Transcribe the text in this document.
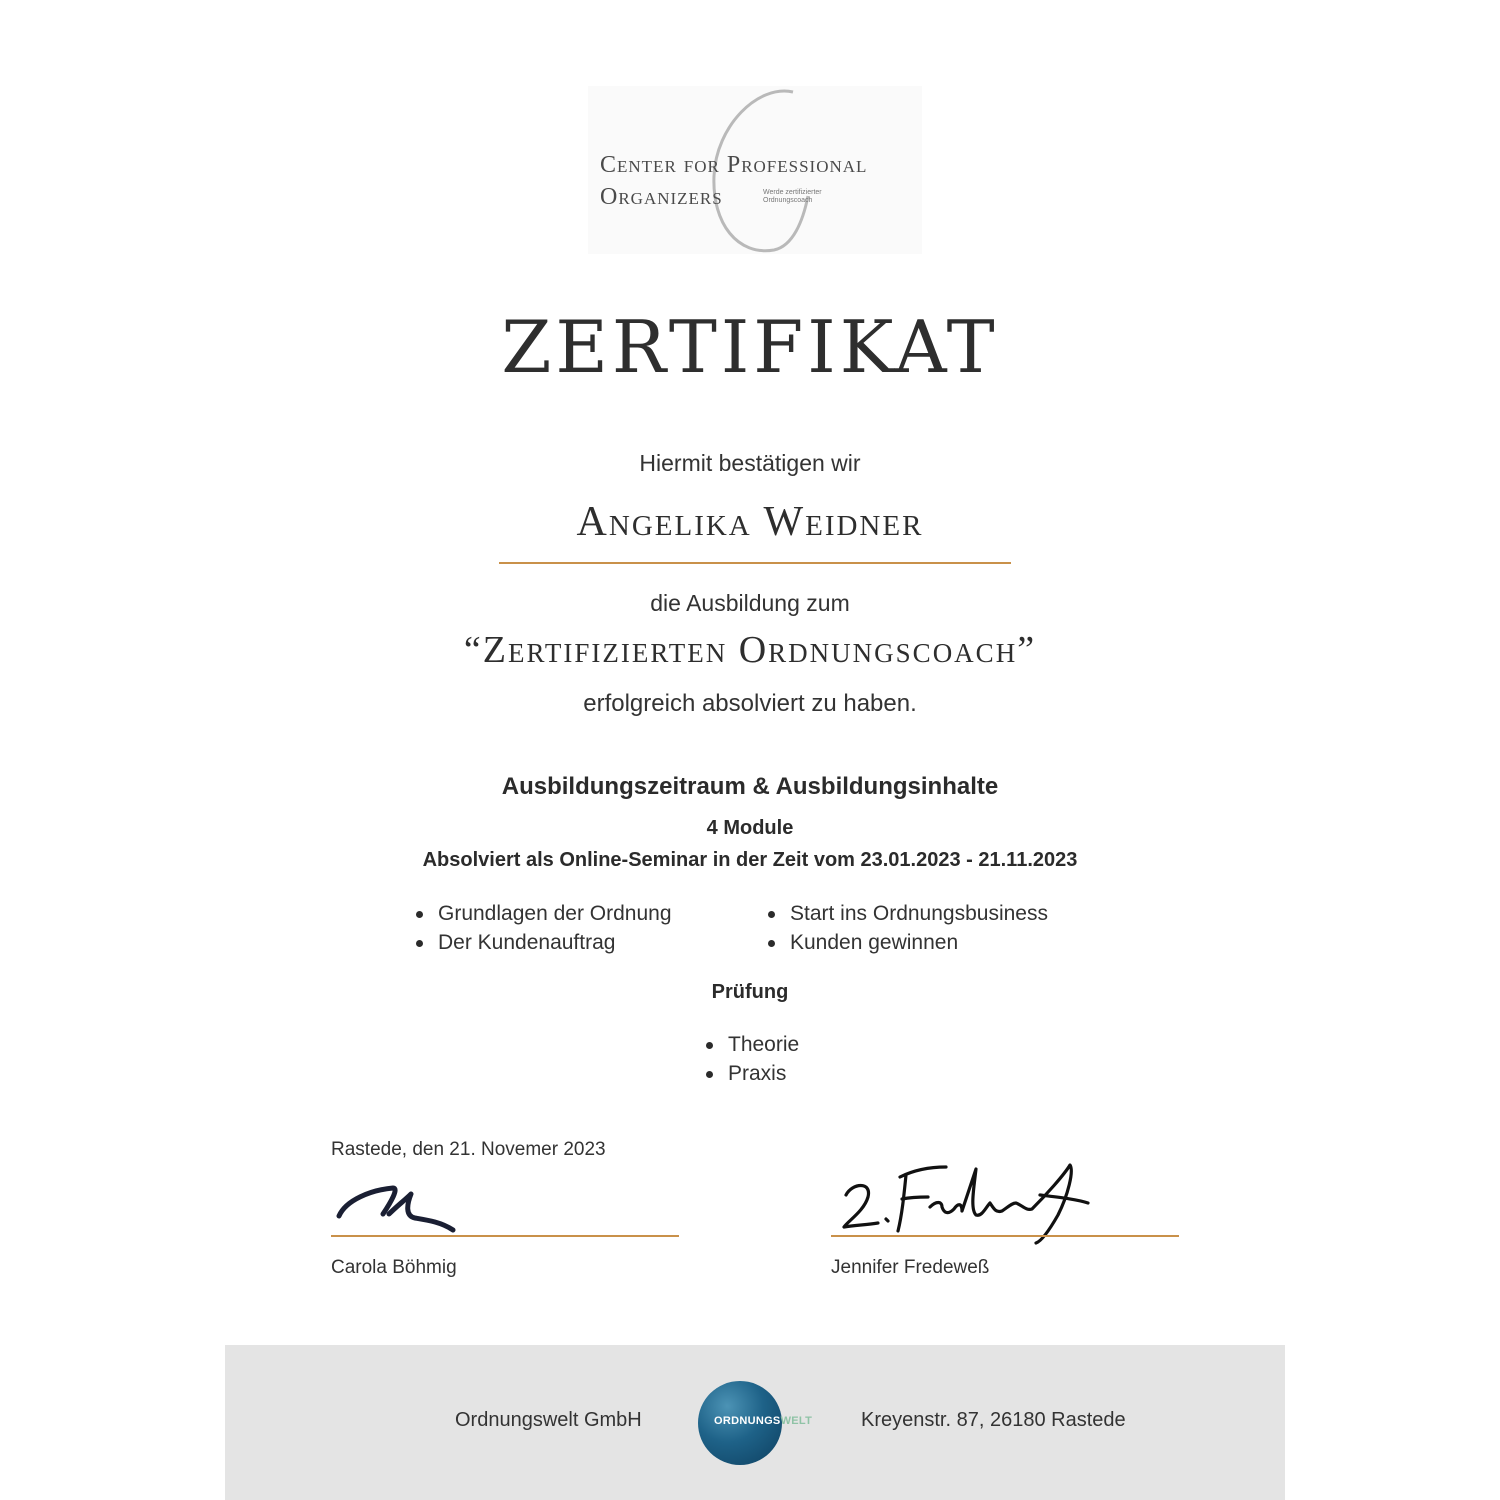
Center for Professional
Organizers	Werde zertifizierter Ordnungscoach
ZERTIFIKAT
Hiermit bestätigen wir
Angelika Weidner
die Ausbildung zum
“Zertifizierten Ordnungscoach”
erfolgreich absolviert zu haben.
Ausbildungszeitraum & Ausbildungsinhalte
4 Module
Absolviert als Online-Seminar in der Zeit vom 23.01.2023 - 21.11.2023
Grundlagen der Ordnung
Der Kundenauftrag
Start ins Ordnungsbusiness
Kunden gewinnen
Prüfung
Theorie
Praxis
Rastede, den 21. Novemer 2023
Carola Böhmig	Jennifer Fredeweß
Ordnungswelt GmbH	ORDNUNGSWELT Kreyenstr. 87, 26180 Rastede
